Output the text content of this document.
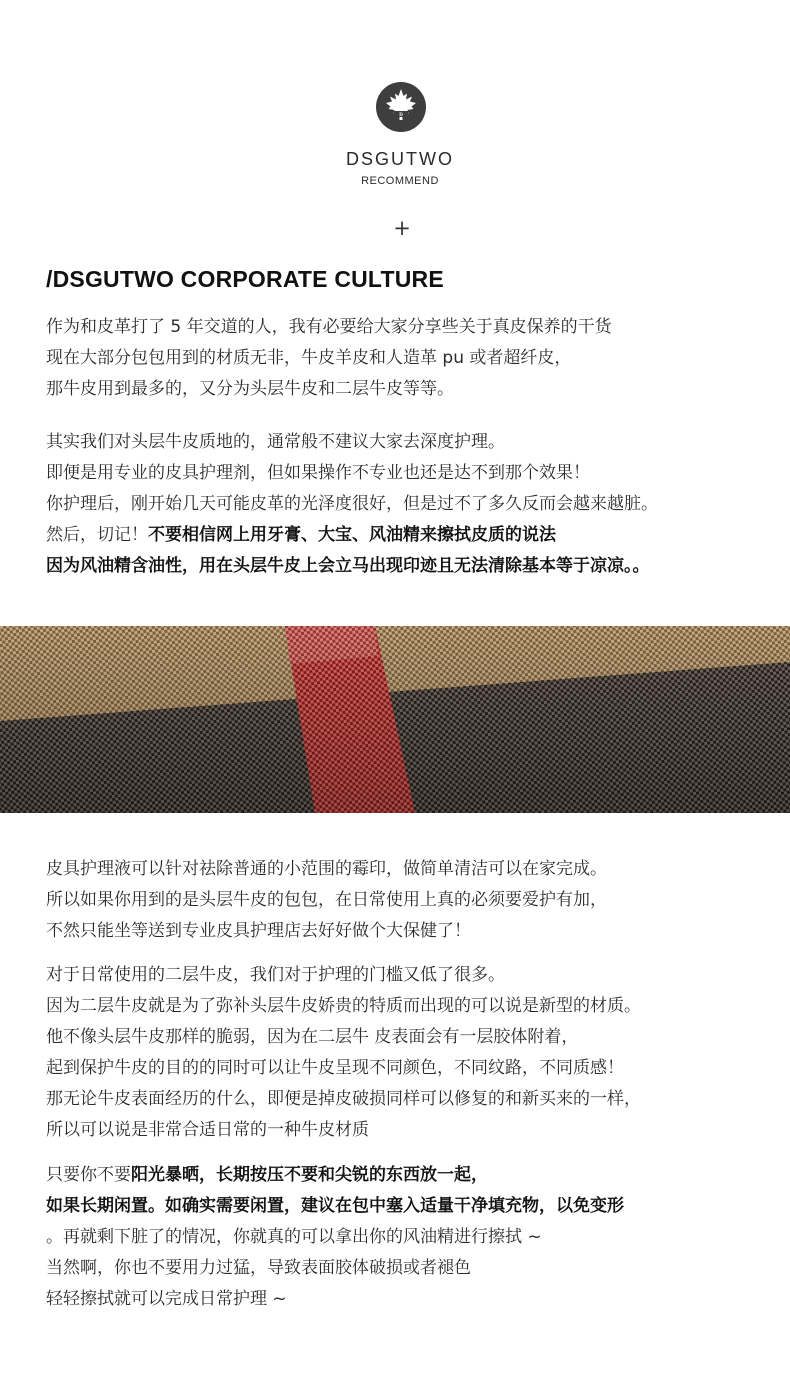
D
DSGUTWO
RECOMMEND
+
/DSGUTWO CORPORATE CULTURE
作为和皮革打了 5 年交道的人，我有必要给大家分享些关于真皮保养的干货
现在大部分包包用到的材质无非，牛皮羊皮和人造革 pu 或者超纤皮，
那牛皮用到最多的，又分为头层牛皮和二层牛皮等等。
其实我们对头层牛皮质地的，通常般不建议大家去深度护理。
即便是用专业的皮具护理剂，但如果操作不专业也还是达不到那个效果！
你护理后，刚开始几天可能皮革的光泽度很好，但是过不了多久反而会越来越脏。
然后，切记！不要相信网上用牙膏、大宝、风油精来擦拭皮质的说法
因为风油精含油性，用在头层牛皮上会立马出现印迹且无法清除基本等于凉凉。。
皮具护理液可以针对祛除普通的小范围的霉印，做简单清洁可以在家完成。
所以如果你用到的是头层牛皮的包包，在日常使用上真的必须要爱护有加，
不然只能坐等送到专业皮具护理店去好好做个大保健了！
对于日常使用的二层牛皮，我们对于护理的门槛又低了很多。
因为二层牛皮就是为了弥补头层牛皮娇贵的特质而出现的可以说是新型的材质。
他不像头层牛皮那样的脆弱，因为在二层牛 皮表面会有一层胶体附着，
起到保护牛皮的目的的同时可以让牛皮呈现不同颜色，不同纹路，不同质感！
那无论牛皮表面经历的什么，即便是掉皮破损同样可以修复的和新买来的一样，
所以可以说是非常合适日常的一种牛皮材质
只要你不要阳光暴晒，长期按压不要和尖锐的东西放一起，
如果长期闲置。如确实需要闲置，建议在包中塞入适量干净填充物，以免变形
。再就剩下脏了的情况，你就真的可以拿出你的风油精进行擦拭 ~
当然啊，你也不要用力过猛，导致表面胶体破损或者褪色
轻轻擦拭就可以完成日常护理 ~
